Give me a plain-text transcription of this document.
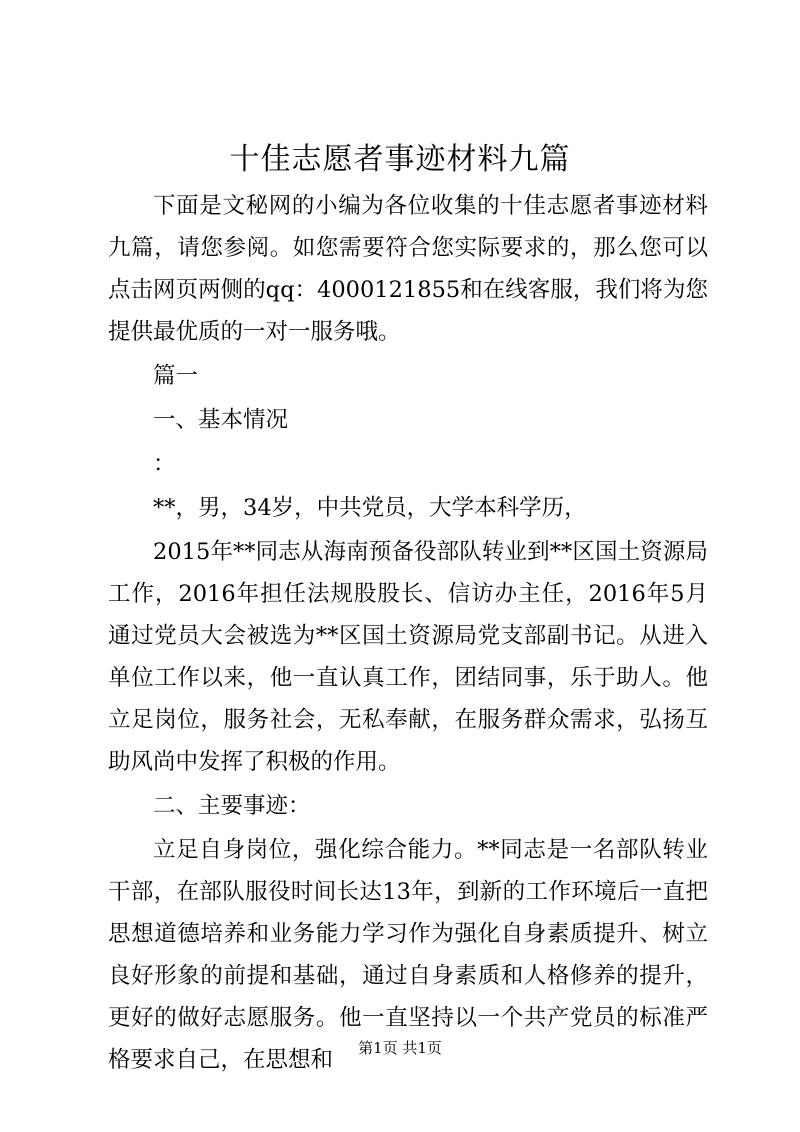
十佳志愿者事迹材料九篇

下面是文秘网的小编为各位收集的十佳志愿者事迹材料九篇，请您参阅。如您需要符合您实际要求的，那么您可以点击网页两侧的qq：4000121855和在线客服，我们将为您提供最优质的一对一服务哦。

篇一

一、基本情况

：

**，男，34岁，中共党员，大学本科学历，

2015年**同志从海南预备役部队转业到**区国土资源局工作，2016年担任法规股股长、信访办主任，2016年5月通过党员大会被选为**区国土资源局党支部副书记。从进入单位工作以来，他一直认真工作，团结同事，乐于助人。他立足岗位，服务社会，无私奉献，在服务群众需求，弘扬互助风尚中发挥了积极的作用。

二、主要事迹：

立足自身岗位，强化综合能力。**同志是一名部队转业干部，在部队服役时间长达13年，到新的工作环境后一直把思想道德培养和业务能力学习作为强化自身素质提升、树立良好形象的前提和基础，通过自身素质和人格修养的提升，更好的做好志愿服务。他一直坚持以一个共产党员的标准严格要求自己，在思想和	第1页 共1页
